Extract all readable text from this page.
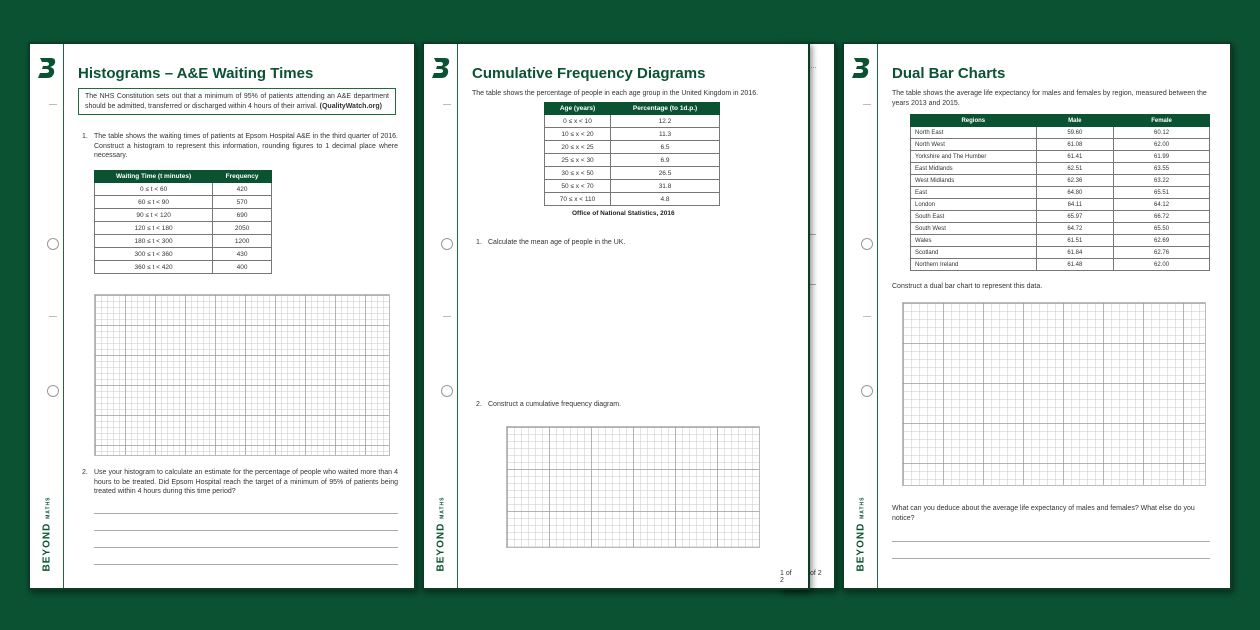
BEYOND MATHS
Histograms – A&E Waiting Times
The NHS Constitution sets out that a minimum of 95% of patients attending an A&E department should be admitted, transferred or discharged within 4 hours of their arrival. (QualityWatch.org)
1. The table shows the waiting times of patients at Epsom Hospital A&E in the third quarter of 2016. Construct a histogram to represent this information, rounding figures to 1 decimal place where necessary.
Waiting Time (t minutes)	Frequency
0 ≤ t < 60	420
60 ≤ t < 90	570
90 ≤ t < 120	690
120 ≤ t < 180	2050
180 ≤ t < 300	1200
300 ≤ t < 360	430
360 ≤ t < 420	400
2. Use your histogram to calculate an estimate for the percentage of people who waited more than 4 hours to be treated. Did Epsom Hospital reach the target of a minimum of 95% of patients being treated within 4 hours during this time period?
…
of 2
BEYOND MATHS
Cumulative Frequency Diagrams
The table shows the percentage of people in each age group in the United Kingdom in 2016.
Age (years)	Percentage (to 1d.p.)
0 ≤ x < 10	12.2
10 ≤ x < 20	11.3
20 ≤ x < 25	6.5
25 ≤ x < 30	6.9
30 ≤ x < 50	26.5
50 ≤ x < 70	31.8
70 ≤ x < 110	4.8
Office of National Statistics, 2016
1. Calculate the mean age of people in the UK.
2. Construct a cumulative frequency diagram.
1 of 2
BEYOND MATHS
Dual Bar Charts
The table shows the average life expectancy for males and females by region, measured between the years 2013 and 2015.
Regions	Male	Female
North East	59.60	60.12
North West	61.08	62.00
Yorkshire and The Humber	61.41	61.99
East Midlands	62.51	63.55
West Midlands	62.36	63.22
East	64.80	65.51
London	64.11	64.12
South East	65.97	66.72
South West	64.72	65.50
Wales	61.51	62.69
Scotland	61.84	62.76
Northern Ireland	61.48	62.00
Construct a dual bar chart to represent this data.
What can you deduce about the average life expectancy of males and females? What else do you notice?
